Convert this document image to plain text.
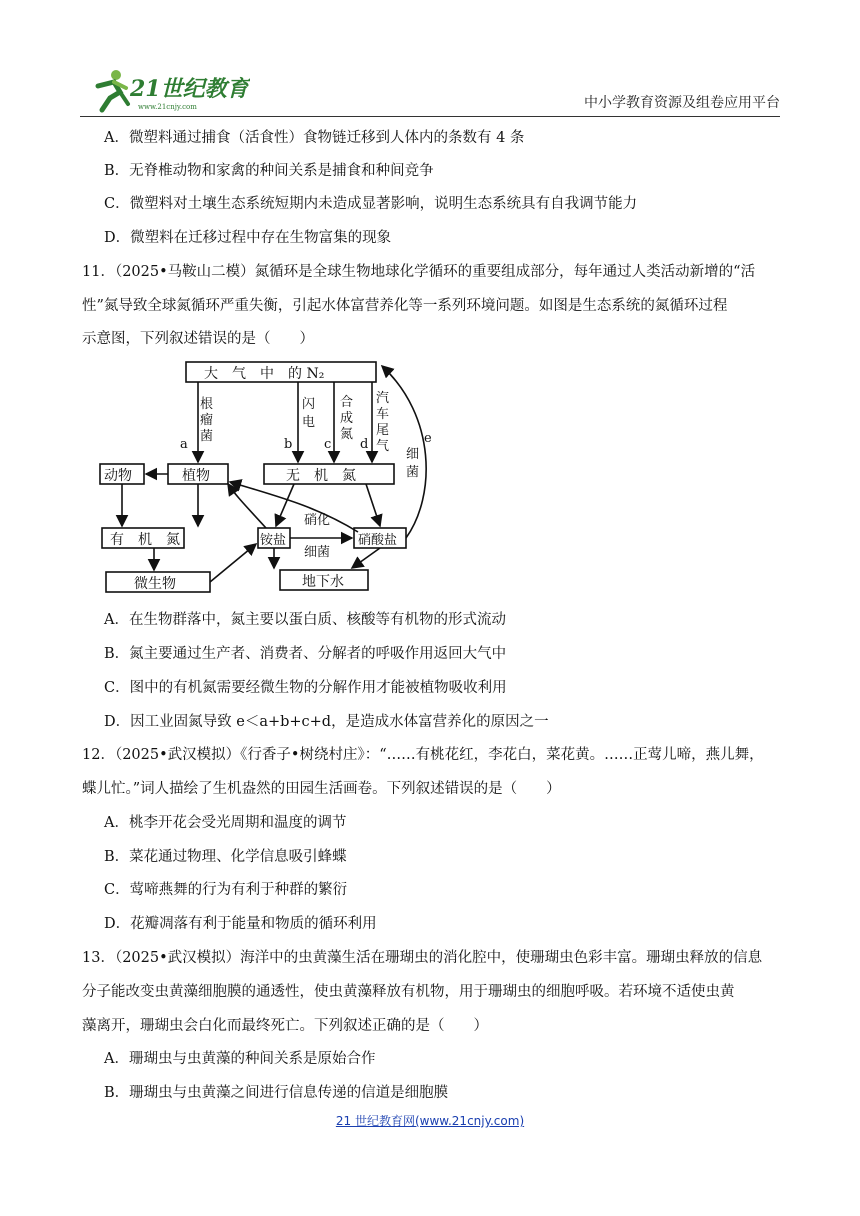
21世纪教育
www.21cnjy.com	中小学教育资源及组卷应用平台
A．微塑料通过捕食（活食性）食物链迁移到人体内的条数有 4 条
B．无脊椎动物和家禽的种间关系是捕食和种间竞争
C．微塑料对土壤生态系统短期内未造成显著影响，说明生态系统具有自我调节能力
D．微塑料在迁移过程中存在生物富集的现象
11．（2025•马鞍山二模）氮循环是全球生物地球化学循环的重要组成部分，每年通过人类活动新增的“活
性”氮导致全球氮循环严重失衡，引起水体富营养化等一系列环境问题。如图是生态系统的氮循环过程
示意图，下列叙述错误的是（　　）
大　气　中　的 N₂
动物	植物	无　机　氮
有　机　氮	铵盐	硝酸盐
微生物	地下水
硝化
细菌
a	b c d	e
根
瘤
菌
闪
电
合
成
氮
汽
车
尾
气
细
菌
A．在生物群落中，氮主要以蛋白质、核酸等有机物的形式流动
B．氮主要通过生产者、消费者、分解者的呼吸作用返回大气中
C．图中的有机氮需要经微生物的分解作用才能被植物吸收利用
D．因工业固氮导致 e＜a+b+c+d，是造成水体富营养化的原因之一
12．（2025•武汉模拟）《行香子•树绕村庄》：“……有桃花红，李花白，菜花黄。……正莺儿啼，燕儿舞，
蝶儿忙。”词人描绘了生机盎然的田园生活画卷。下列叙述错误的是（　　）
A．桃李开花会受光周期和温度的调节
B．菜花通过物理、化学信息吸引蜂蝶
C．莺啼燕舞的行为有利于种群的繁衍
D．花瓣凋落有利于能量和物质的循环利用
13．（2025•武汉模拟）海洋中的虫黄藻生活在珊瑚虫的消化腔中，使珊瑚虫色彩丰富。珊瑚虫释放的信息
分子能改变虫黄藻细胞膜的通透性，使虫黄藻释放有机物，用于珊瑚虫的细胞呼吸。若环境不适使虫黄
藻离开，珊瑚虫会白化而最终死亡。下列叙述正确的是（　　）
A．珊瑚虫与虫黄藻的种间关系是原始合作
B．珊瑚虫与虫黄藻之间进行信息传递的信道是细胞膜
21 世纪教育网(www.21cnjy.com)
